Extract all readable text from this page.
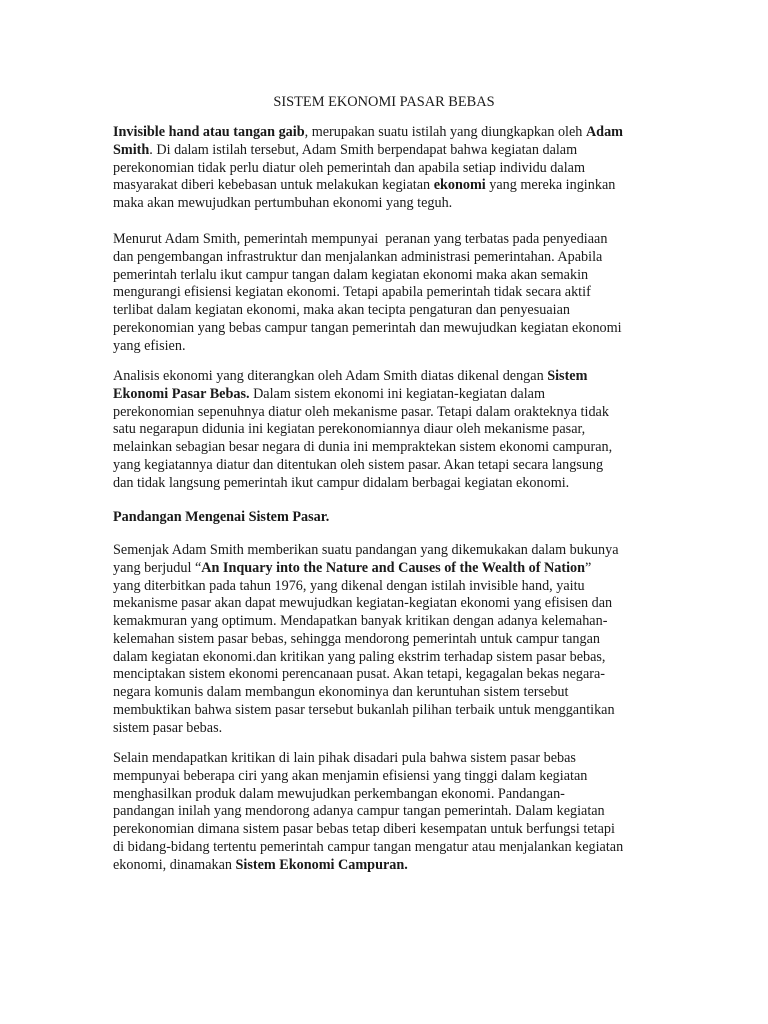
SISTEM EKONOMI PASAR BEBAS
Invisible hand atau tangan gaib, merupakan suatu istilah yang diungkapkan oleh Adam
Smith. Di dalam istilah tersebut, Adam Smith berpendapat bahwa kegiatan dalam
perekonomian tidak perlu diatur oleh pemerintah dan apabila setiap individu dalam
masyarakat diberi kebebasan untuk melakukan kegiatan ekonomi yang mereka inginkan
maka akan mewujudkan pertumbuhan ekonomi yang teguh.
Menurut Adam Smith, pemerintah mempunyai  peranan yang terbatas pada penyediaan
dan pengembangan infrastruktur dan menjalankan administrasi pemerintahan. Apabila
pemerintah terlalu ikut campur tangan dalam kegiatan ekonomi maka akan semakin
mengurangi efisiensi kegiatan ekonomi. Tetapi apabila pemerintah tidak secara aktif
terlibat dalam kegiatan ekonomi, maka akan tecipta pengaturan dan penyesuaian
perekonomian yang bebas campur tangan pemerintah dan mewujudkan kegiatan ekonomi
yang efisien.
Analisis ekonomi yang diterangkan oleh Adam Smith diatas dikenal dengan Sistem
Ekonomi Pasar Bebas. Dalam sistem ekonomi ini kegiatan-kegiatan dalam
perekonomian sepenuhnya diatur oleh mekanisme pasar. Tetapi dalam orakteknya tidak
satu negarapun didunia ini kegiatan perekonomiannya diaur oleh mekanisme pasar,
melainkan sebagian besar negara di dunia ini mempraktekan sistem ekonomi campuran,
yang kegiatannya diatur dan ditentukan oleh sistem pasar. Akan tetapi secara langsung
dan tidak langsung pemerintah ikut campur didalam berbagai kegiatan ekonomi.
Pandangan Mengenai Sistem Pasar.
Semenjak Adam Smith memberikan suatu pandangan yang dikemukakan dalam bukunya
yang berjudul “An Inquary into the Nature and Causes of the Wealth of Nation”
yang diterbitkan pada tahun 1976, yang dikenal dengan istilah invisible hand, yaitu
mekanisme pasar akan dapat mewujudkan kegiatan-kegiatan ekonomi yang efisisen dan
kemakmuran yang optimum. Mendapatkan banyak kritikan dengan adanya kelemahan-
kelemahan sistem pasar bebas, sehingga mendorong pemerintah untuk campur tangan
dalam kegiatan ekonomi.dan kritikan yang paling ekstrim terhadap sistem pasar bebas,
menciptakan sistem ekonomi perencanaan pusat. Akan tetapi, kegagalan bekas negara-
negara komunis dalam membangun ekonominya dan keruntuhan sistem tersebut
membuktikan bahwa sistem pasar tersebut bukanlah pilihan terbaik untuk menggantikan
sistem pasar bebas.
Selain mendapatkan kritikan di lain pihak disadari pula bahwa sistem pasar bebas
mempunyai beberapa ciri yang akan menjamin efisiensi yang tinggi dalam kegiatan
menghasilkan produk dalam mewujudkan perkembangan ekonomi. Pandangan-
pandangan inilah yang mendorong adanya campur tangan pemerintah. Dalam kegiatan
perekonomian dimana sistem pasar bebas tetap diberi kesempatan untuk berfungsi tetapi
di bidang-bidang tertentu pemerintah campur tangan mengatur atau menjalankan kegiatan
ekonomi, dinamakan Sistem Ekonomi Campuran.
